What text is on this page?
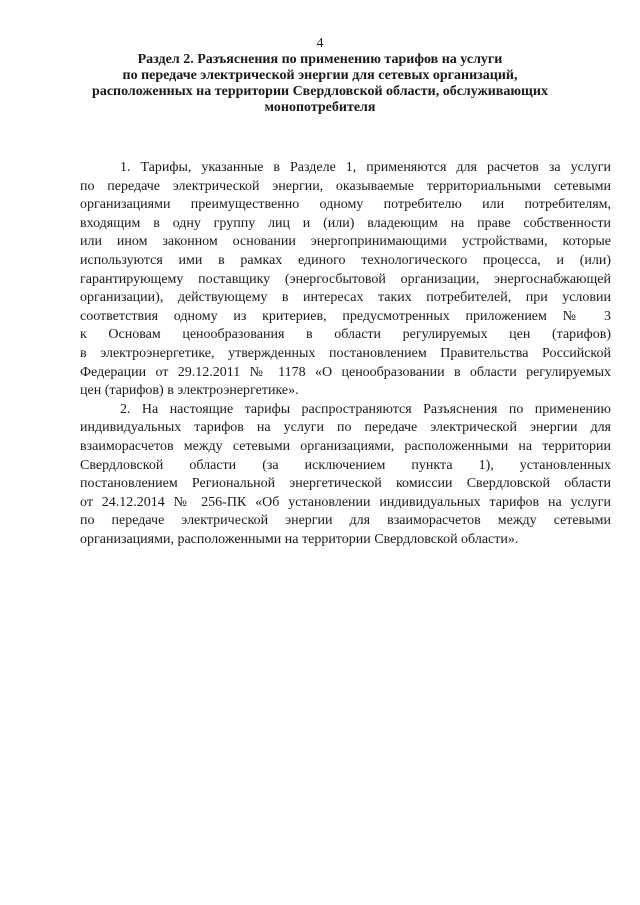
4
Раздел 2. Разъяснения по применению тарифов на услуги
по передаче электрической энергии для сетевых организаций,
расположенных на территории Свердловской области, обслуживающих
монопотребителя
1. Тарифы, указанные в Разделе 1, применяются для расчетов за услуги
по передаче электрической энергии, оказываемые территориальными сетевыми
организациями преимущественно одному потребителю или потребителям,
входящим в одну группу лиц и (или) владеющим на праве собственности
или ином законном основании энергопринимающими устройствами, которые
используются ими в рамках единого технологического процесса, и (или)
гарантирующему поставщику (энергосбытовой организации, энергоснабжающей
организации), действующему в интересах таких потребителей, при условии
соответствия одному из критериев, предусмотренных приложением № 3
к Основам ценообразования в области регулируемых цен (тарифов)
в электроэнергетике, утвержденных постановлением Правительства Российской
Федерации от 29.12.2011 № 1178 «О ценообразовании в области регулируемых
цен (тарифов) в электроэнергетике».
2. На настоящие тарифы распространяются Разъяснения по применению
индивидуальных тарифов на услуги по передаче электрической энергии для
взаиморасчетов между сетевыми организациями, расположенными на территории
Свердловской области (за исключением пункта 1), установленных
постановлением Региональной энергетической комиссии Свердловской области
от 24.12.2014 № 256-ПК «Об установлении индивидуальных тарифов на услуги
по передаче электрической энергии для взаиморасчетов между сетевыми
организациями, расположенными на территории Свердловской области».
